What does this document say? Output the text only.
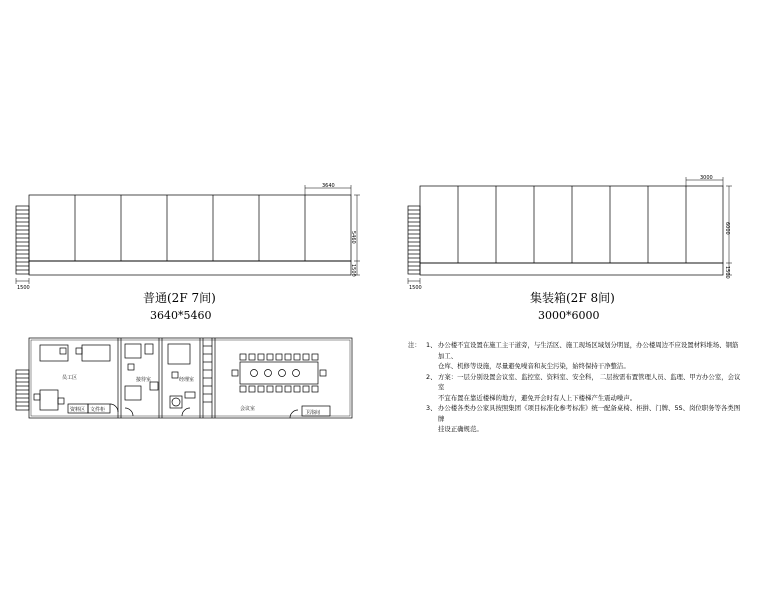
3640
5460
1500
1500
3000
6000
1500
1500
普通(2F 7间)
3640*5460
集装箱(2F 8间)
3000*6000
员工区
资料区 文件柜
接待室	经理室
会议室
卫浴间
注： 1、 办公楼不宜设置在施工主干道旁，与生活区、施工现场区域划分明显，办公楼周边不应设置材料堆场、钢筋加工、
仓库、机修等设施，尽量避免噪音和灰尘污染，始终保持干净整洁。
2、 方案：一层分别设置会议室、监控室、资料室、安全科， 二层按需布置管理人员、监理、甲方办公室，会议室
不宜布置在靠近楼梯的地方，避免开会时有人上下楼梯产生震动噪声。
3、 办公楼各类办公家具按照集团《项目标准化参考标准》统一配备桌椅、柜拼、门牌、5S、岗位职务等各类图牌
挂设正确规范。
